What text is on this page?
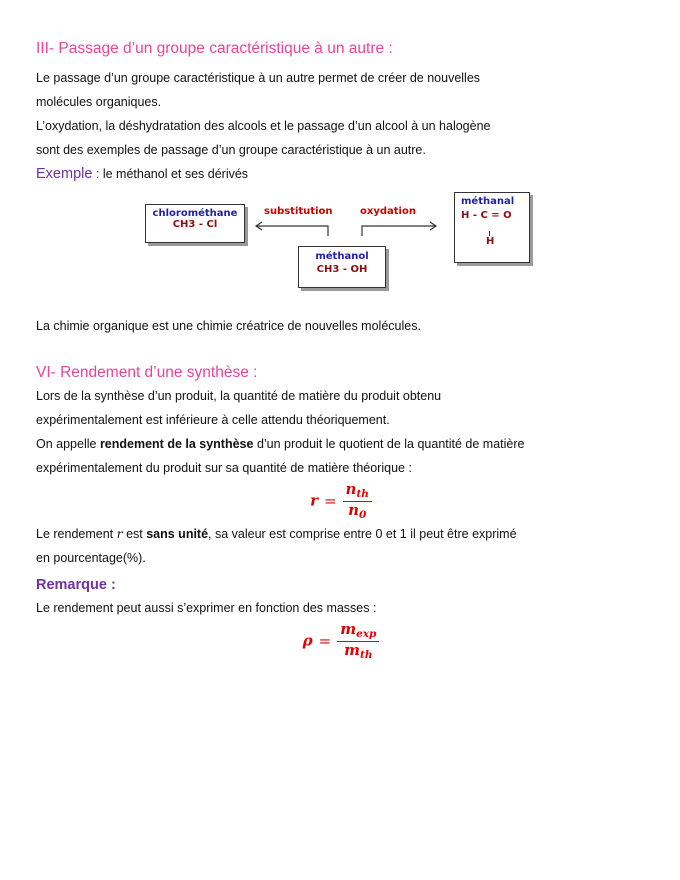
III- Passage d’un groupe caractéristique à un autre :

Le passage d’un groupe caractéristique à un autre permet de créer de nouvelles

molécules organiques.

L’oxydation, la déshydratation des alcools et le passage d’un alcool à un halogène

sont des exemples de passage d’un groupe caractéristique à un autre.

Exemple : le méthanol et ses dérivés

chlorométhane
CH3 - Cl
substitution	oxydation
méthanal
H - C = O
H
méthanol
CH3 - OH

La chimie organique est une chimie créatrice de nouvelles molécules.

VI- Rendement d’une synthèse :

Lors de la synthèse d’un produit, la quantité de matière du produit obtenu

expérimentalement est inférieure à celle attendu théoriquement.

On appelle rendement de la synthèse d’un produit le quotient de la quantité de matière

expérimentalement du produit sur sa quantité de matière théorique :

$r = \frac{n_{th}}{n_0}$

Le rendement r est sans unité, sa valeur est comprise entre 0 et 1 il peut être exprimé

en pourcentage(%).

Remarque :

Le rendement peut aussi s’exprimer en fonction des masses :

$\rho = \frac{m_{exp}}{m_{th}}$
